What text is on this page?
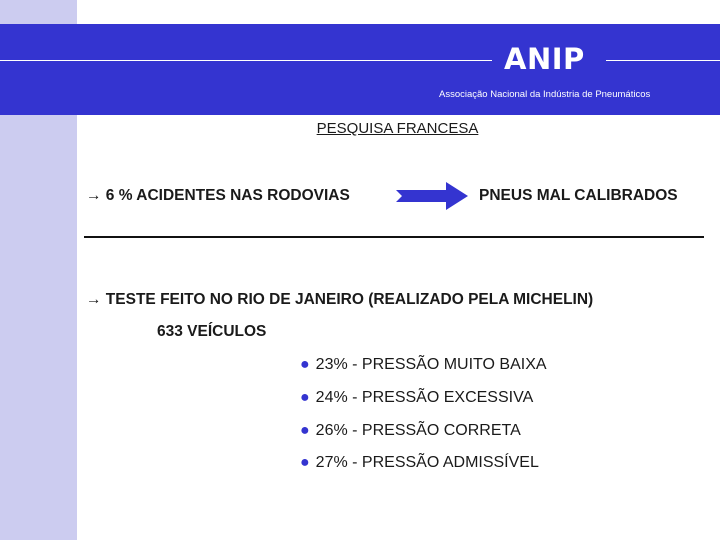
ANIP
Associação Nacional da Indústria de Pneumáticos
PESQUISA FRANCESA
→ 6 % ACIDENTES NAS RODOVIAS	PNEUS MAL CALIBRADOS
→ TESTE FEITO NO RIO DE JANEIRO (REALIZADO PELA MICHELIN)
633 VEÍCULOS
● 23% - PRESSÃO MUITO BAIXA
● 24% - PRESSÃO EXCESSIVA
● 26% - PRESSÃO CORRETA
● 27% - PRESSÃO ADMISSÍVEL
